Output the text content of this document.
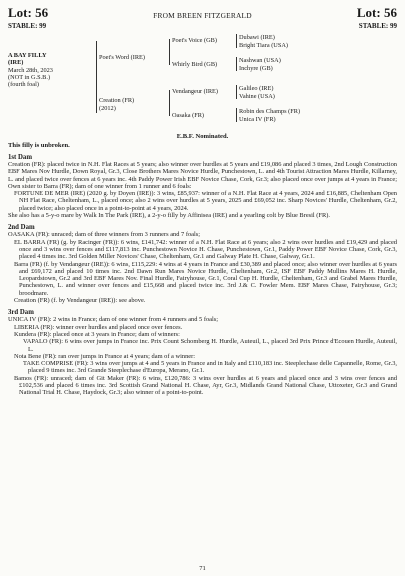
Lot: 56
STABLE: 99
FROM BREEN FITZGERALD	Lot: 56
STABLE: 99
A BAY FILLY
(IRE)
March 28th, 2023
(NOT in G.S.B.)
(fourth foal)
Poet's Word (IRE)
Creation (FR)
(2012)
Poet's Voice (GB)
Whirly Bird (GB)
Vendangeur (IRE)
Oasaka (FR)
Dubawi (IRE)
Bright Tiara (USA)
Nashwan (USA)
Inchyre (GB)
Galileo (IRE)
Vahine (USA)
Robin des Champs (FR)
Unica IV (FR)
E.B.F. Nominated.
This filly is unbroken.
1st Dam

Creation (FR): placed twice in N.H. Flat Races at 5 years; also winner over hurdles at 5 years and £19,086 and placed 3 times, 2nd Lough Construction EBF Mares Nov Hurdle, Down Royal, Gr.3, Close Brothers Mares Novice Hurdle, Punchestown, L. and 4th Tourist Attraction Mares Hurdle, Killarney, L. and placed twice over fences at 6 years inc. 4th Paddy Power Irish EBF Novice Chase, Cork, Gr.3; also placed once over jumps at 4 years in France; Own sister to Barra (FR); dam of one winner from 1 runner and 6 foals:

FORTUNE DE MER (IRE) (2020 g. by Doyen (IRE)): 3 wins, £85,937: winner of a N.H. Flat Race at 4 years, 2024 and £16,885, Cheltenham Open NH Flat Race, Cheltenham, L., placed once; also 2 wins over hurdles at 5 years, 2025 and £69,052 inc. Sharp Novices' Hurdle, Cheltenham, Gr.2, placed twice; also placed once in a point-to-point at 4 years, 2024.

She also has a 5-y-o mare by Walk In The Park (IRE), a 2-y-o filly by Affinisea (IRE) and a yearling colt by Blue Bresil (FR).

2nd Dam

OASAKA (FR): unraced; dam of three winners from 3 runners and 7 foals;

EL BARRA (FR) (g. by Racinger (FR)): 6 wins, £141,742: winner of a N.H. Flat Race at 6 years; also 2 wins over hurdles and £19,429 and placed once and 3 wins over fences and £117,813 inc. Punchestown Novice H. Chase, Punchestown, Gr.1, Paddy Power EBF Novice Chase, Cork, Gr.3, placed 4 times inc. 3rd Golden Miller Novices' Chase, Cheltenham, Gr.1 and Galway Plate H. Chase, Galway, Gr.1.

Barra (FR) (f. by Vendangeur (IRE)): 6 wins, £115,229: 4 wins at 4 years in France and £30,389 and placed once; also winner over hurdles at 6 years and £69,172 and placed 10 times inc. 2nd Dawn Run Mares Novice Hurdle, Cheltenham, Gr.2, ISF EBF Paddy Mullins Mares H. Hurdle, Leopardstown, Gr.2 and 3rd EBF Mares Nov. Final Hurdle, Fairyhouse, Gr.1, Coral Cup H. Hurdle, Cheltenham, Gr.3 and Grabel Mares Hurdle, Punchestown, L. and winner over fences and £15,668 and placed twice inc. 3rd J.& C. Fowler Mem. EBF Mares Chase, Fairyhouse, Gr.3; broodmare.

Creation (FR) (f. by Vendangeur (IRE)): see above.

3rd Dam

UNICA IV (FR): 2 wins in France; dam of one winner from 4 runners and 5 foals;

LIBERIA (FR): winner over hurdles and placed once over fences.

Kundera (FR): placed once at 3 years in France; dam of winners:

VAPALO (FR): 6 wins over jumps in France inc. Prix Count Schomberg H. Hurdle, Auteuil, L., placed 3rd Prix Prince d'Ecouen Hurdle, Auteuil, L.

Nota Bene (FR): ran over jumps in France at 4 years; dam of a winner:

TAKE COMPRISE (FR): 3 wins over jumps at 4 and 5 years in France and in Italy and £110,183 inc. Steeplechase delle Capannelle, Rome, Gr.3, placed 9 times inc. 3rd Grande Steeplechase d'Europa, Merano, Gr.1.

Bamos (FR): unraced; dam of Git Maker (FR): 6 wins, £120,786: 3 wins over hurdles at 6 years and placed once and 3 wins over fences and £102,536 and placed 6 times inc. 3rd Scottish Grand National H. Chase, Ayr, Gr.3, Midlands Grand National Chase, Uttoxeter, Gr.3 and Grand National Trial H. Chase, Haydock, Gr.3; also winner of a point-to-point.

71
